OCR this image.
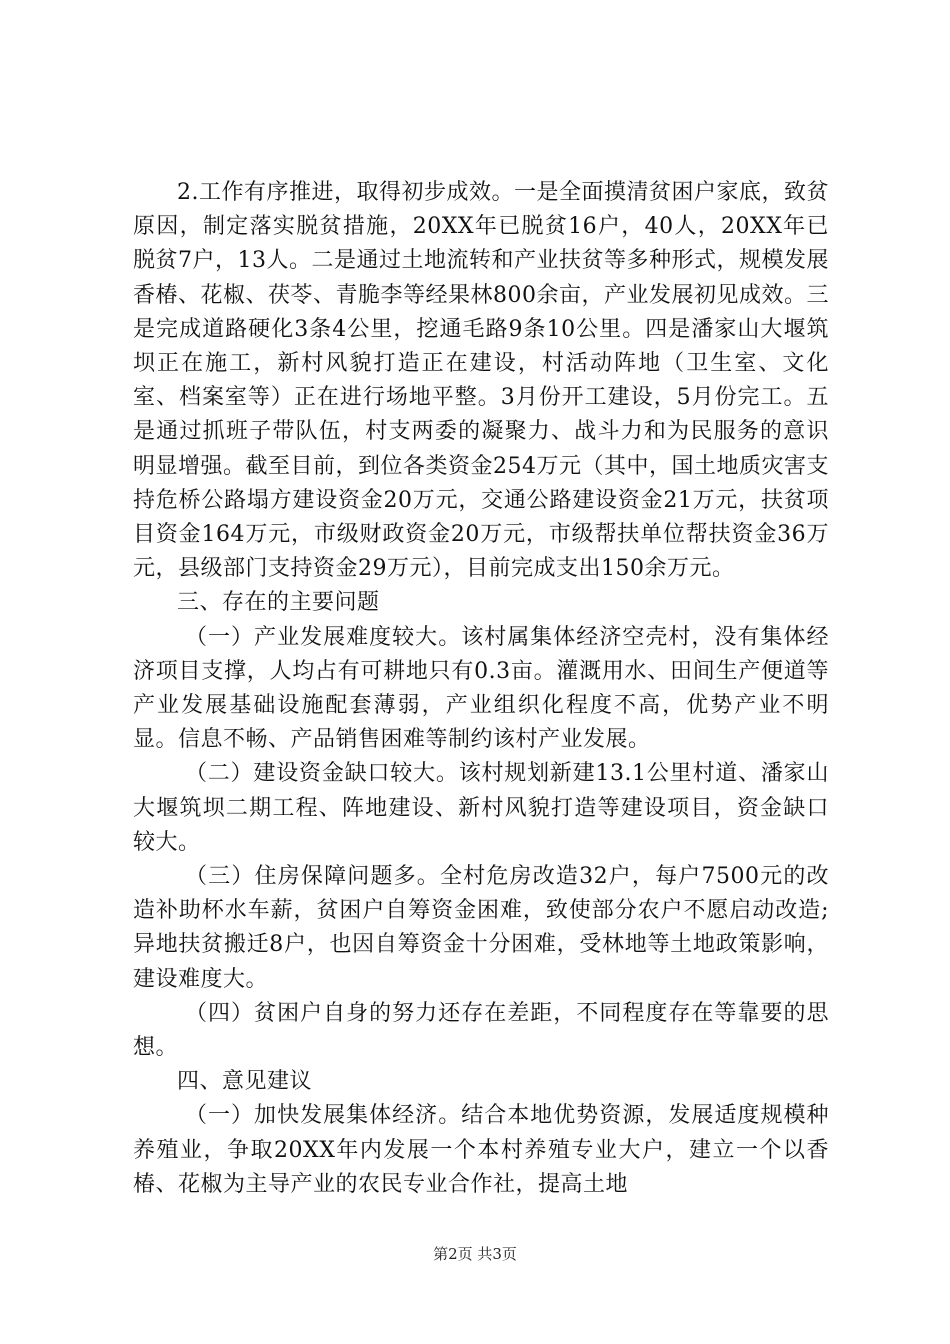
2.工作有序推进，取得初步成效。一是全面摸清贫困户家底，致贫原因，制定落实脱贫措施，20XX年已脱贫16户，40人，20XX年已脱贫7户，13人。二是通过土地流转和产业扶贫等多种形式，规模发展香椿、花椒、茯苓、青脆李等经果林800余亩，产业发展初见成效。三是完成道路硬化3条4公里，挖通毛路9条10公里。四是潘家山大堰筑坝正在施工，新村风貌打造正在建设，村活动阵地（卫生室、文化室、档案室等）正在进行场地平整。3月份开工建设，5月份完工。五是通过抓班子带队伍，村支两委的凝聚力、战斗力和为民服务的意识明显增强。截至目前，到位各类资金254万元（其中，国土地质灾害支持危桥公路塌方建设资金20万元，交通公路建设资金21万元，扶贫项目资金164万元，市级财政资金20万元，市级帮扶单位帮扶资金36万元，县级部门支持资金29万元），目前完成支出150余万元。

三、存在的主要问题

（一）产业发展难度较大。该村属集体经济空壳村，没有集体经济项目支撑，人均占有可耕地只有0.3亩。灌溉用水、田间生产便道等产业发展基础设施配套薄弱，产业组织化程度不高，优势产业不明显。信息不畅、产品销售困难等制约该村产业发展。

（二）建设资金缺口较大。该村规划新建13.1公里村道、潘家山大堰筑坝二期工程、阵地建设、新村风貌打造等建设项目，资金缺口较大。

（三）住房保障问题多。全村危房改造32户，每户7500元的改造补助杯水车薪，贫困户自筹资金困难，致使部分农户不愿启动改造;异地扶贫搬迁8户，也因自筹资金十分困难，受林地等土地政策影响，建设难度大。

（四）贫困户自身的努力还存在差距，不同程度存在等靠要的思想。

四、意见建议

（一）加快发展集体经济。结合本地优势资源，发展适度规模种养殖业，争取20XX年内发展一个本村养殖专业大户，建立一个以香椿、花椒为主导产业的农民专业合作社，提高土地

第2页 共3页
